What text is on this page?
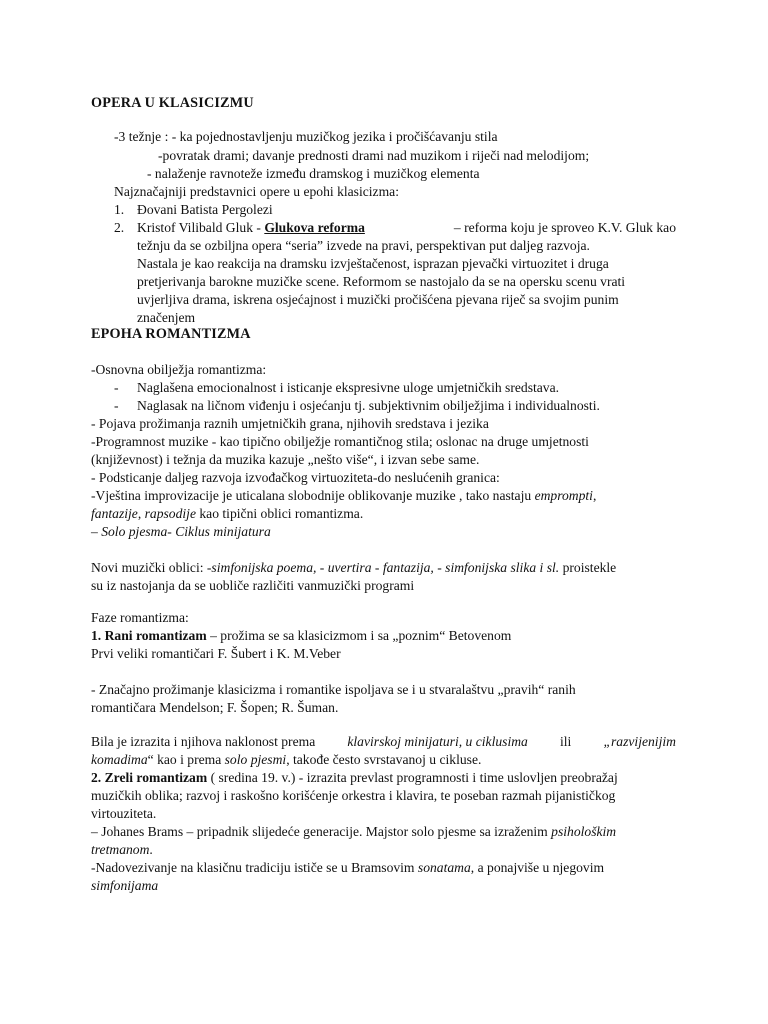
OPERA U KLASICIZMU
-3 težnje : - ka pojednostavljenju muzičkog jezika i pročišćavanju stila
-povratak drami; davanje prednosti drami nad muzikom i riječi nad melodijom;
- nalaženje ravnoteže između dramskog i muzičkog elementa
Najznačajniji predstavnici opere u epohi klasicizma:
1. Đovani Batista Pergolezi
2. Kristof Vilibald Gluk - Glukova reforma	– reforma koju je sproveo K.V. Gluk kao
težnju da se ozbiljna opera “seria” izvede na pravi, perspektivan put daljeg razvoja.
Nastala je kao reakcija na dramsku izvještačenost, isprazan pjevački virtuozitet i druga
pretjerivanja barokne muzičke scene. Reformom se nastojalo da se na opersku scenu vrati
uvjerljiva drama, iskrena osjećajnost i muzički pročišćena pjevana riječ sa svojim punim
značenjem
EPOHA ROMANTIZMA
-Osnovna obilježja romantizma:
- Naglašena emocionalnost i isticanje ekspresivne uloge umjetničkih sredstava.
- Naglasak na ličnom viđenju i osjećanju tj. subjektivnim obilježjima i individualnosti.
- Pojava prožimanja raznih umjetničkih grana, njihovih sredstava i jezika
-Programnost muzike - kao tipično obilježje romantičnog stila; oslonac na druge umjetnosti
(književnost) i težnja da muzika kazuje „nešto više“, i izvan sebe same.
- Podsticanje daljeg razvoja izvođačkog virtuoziteta-do neslućenih granica:
-Vještina improvizacije je uticalana slobodnije oblikovanje muzike , tako nastaju emprompti,
fantazije, rapsodije kao tipični oblici romantizma.
– Solo pjesma- Ciklus minijatura
Novi muzički oblici: -simfonijska poema, - uvertira - fantazija, - simfonijska slika i sl. proistekle
su iz nastojanja da se uobliče različiti vanmuzički programi
Faze romantizma:
1. Rani romantizam – prožima se sa klasicizmom i sa „poznim“ Betovenom
Prvi veliki romantičari F. Šubert i K. M.Veber
- Značajno prožimanje klasicizma i romantike ispoljava se i u stvaralaštvu „pravih“ ranih
romantičara Mendelson; F. Šopen; R. Šuman.
Bila je izrazita i njihova naklonost prema klavirskoj minijaturi, u ciklusima ili „razvijenijim
komadima“ kao i prema solo pjesmi, takođe često svrstavanoj u cikluse.
2. Zreli romantizam ( sredina 19. v.) - izrazita prevlast programnosti i time uslovljen preobražaj
muzičkih oblika; razvoj i raskošno korišćenje orkestra i klavira, te poseban razmah pijanističkog
virtouziteta.
– Johanes Brams – pripadnik slijedeće generacije. Majstor solo pjesme sa izraženim psihološkim
tretmanom.
-Nadovezivanje na klasičnu tradiciju ističe se u Bramsovim sonatama, a ponajviše u njegovim
simfonijama
